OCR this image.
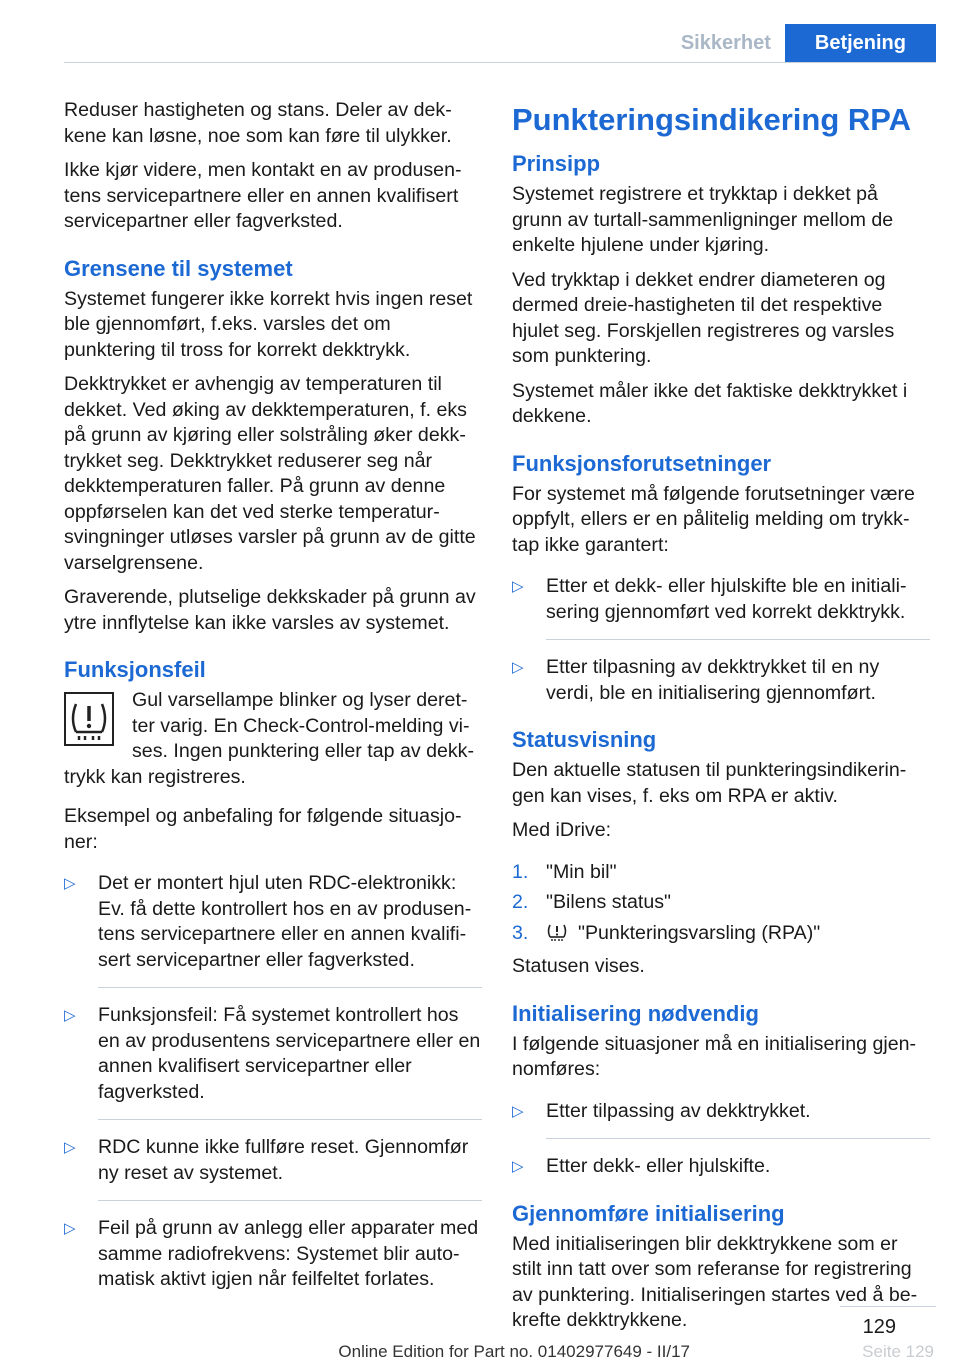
Sikkerhet	Betjening

Reduser hastigheten og stans. Deler av dekkene kan løsne, noe som kan føre til ulykker.

Ikke kjør videre, men kontakt en av produsentens servicepartnere eller en annen kvalifisert servicepartner eller fagverksted.

Grensene til systemet

Systemet fungerer ikke korrekt hvis ingen reset ble gjennomført, f.eks. varsles det om punktering til tross for korrekt dekktrykk.

Dekktrykket er avhengig av temperaturen til dekket. Ved øking av dekktemperaturen, f. eks på grunn av kjøring eller solstråling øker dekktrykket seg. Dekktrykket reduserer seg når dekktemperaturen faller. På grunn av denne oppførselen kan det ved sterke temperatursvingninger utløses varsler på grunn av de gitte varselgrensene.

Graverende, plutselige dekkskader på grunn av ytre innflytelse kan ikke varsles av systemet.

Funksjonsfeil

Gul varsellampe blinker og lyser deretter varig. En Check-Control-melding vises. Ingen punktering eller tap av dekktrykk kan registreres.

Eksempel og anbefaling for følgende situasjoner:

▷ Det er montert hjul uten RDC-elektronikk: Ev. få dette kontrollert hos en av produsentens servicepartnere eller en annen kvalifisert servicepartner eller fagverksted.
▷ Funksjonsfeil: Få systemet kontrollert hos en av produsentens servicepartnere eller en annen kvalifisert servicepartner eller fagverksted.
▷ RDC kunne ikke fullføre reset. Gjennomfør ny reset av systemet.
▷ Feil på grunn av anlegg eller apparater med samme radiofrekvens: Systemet blir automatisk aktivt igjen når feilfeltet forlates.
Punkteringsindikering RPA
Prinsipp

Systemet registrere et trykktap i dekket på grunn av turtall-sammenligninger mellom de enkelte hjulene under kjøring.

Ved trykktap i dekket endrer diameteren og dermed dreie-hastigheten til det respektive hjulet seg. Forskjellen registreres og varsles som punktering.

Systemet måler ikke det faktiske dekktrykket i dekkene.

Funksjonsforutsetninger

For systemet må følgende forutsetninger være oppfylt, ellers er en pålitelig melding om trykktap ikke garantert:

▷ Etter et dekk- eller hjulskifte ble en initialisering gjennomført ved korrekt dekktrykk.
▷ Etter tilpasning av dekktrykket til en ny verdi, ble en initialisering gjennomført.
Statusvisning

Den aktuelle statusen til punkteringsindikeringen kan vises, f. eks om RPA er aktiv.

Med iDrive:

1. "Min bil"
2. "Bilens status"
3.	"Punkteringsvarsling (RPA)"

Statusen vises.

Initialisering nødvendig

I følgende situasjoner må en initialisering gjennomføres:

▷ Etter tilpassing av dekktrykket.
▷ Etter dekk- eller hjulskifte.
Gjennomføre initialisering

Med initialiseringen blir dekktrykkene som er stilt inn tatt over som referanse for registrering av punktering. Initialiseringen startes ved å bekrefte dekktrykkene.	129
Seite 129
Online Edition for Part no. 01402977649 - II/17
